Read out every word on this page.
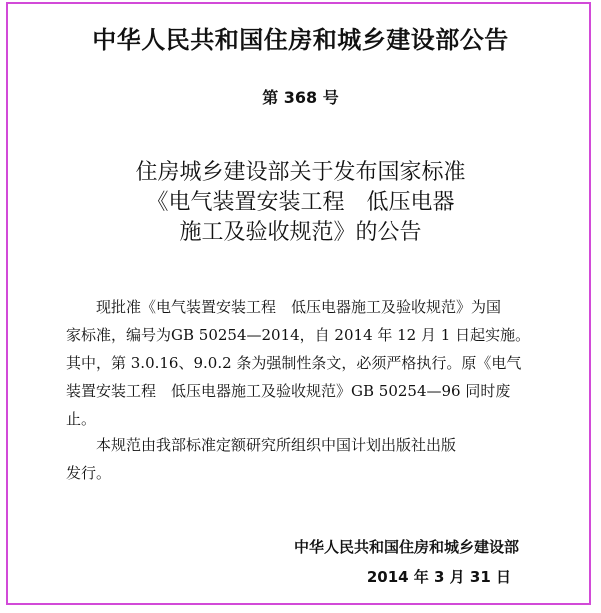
中华人民共和国住房和城乡建设部公告
第 368 号
住房城乡建设部关于发布国家标准
《电气装置安装工程　低压电器
施工及验收规范》的公告
现批准《电气装置安装工程　低压电器施工及验收规范》为国
家标准，编号为GB 50254—2014，自 2014 年 12 月 1 日起实施。
其中，第 3.0.16、9.0.2 条为强制性条文，必须严格执行。原《电气
装置安装工程　低压电器施工及验收规范》GB 50254—96 同时废
止。
本规范由我部标准定额研究所组织中国计划出版社出版
发行。
中华人民共和国住房和城乡建设部
2014 年 3 月 31 日
